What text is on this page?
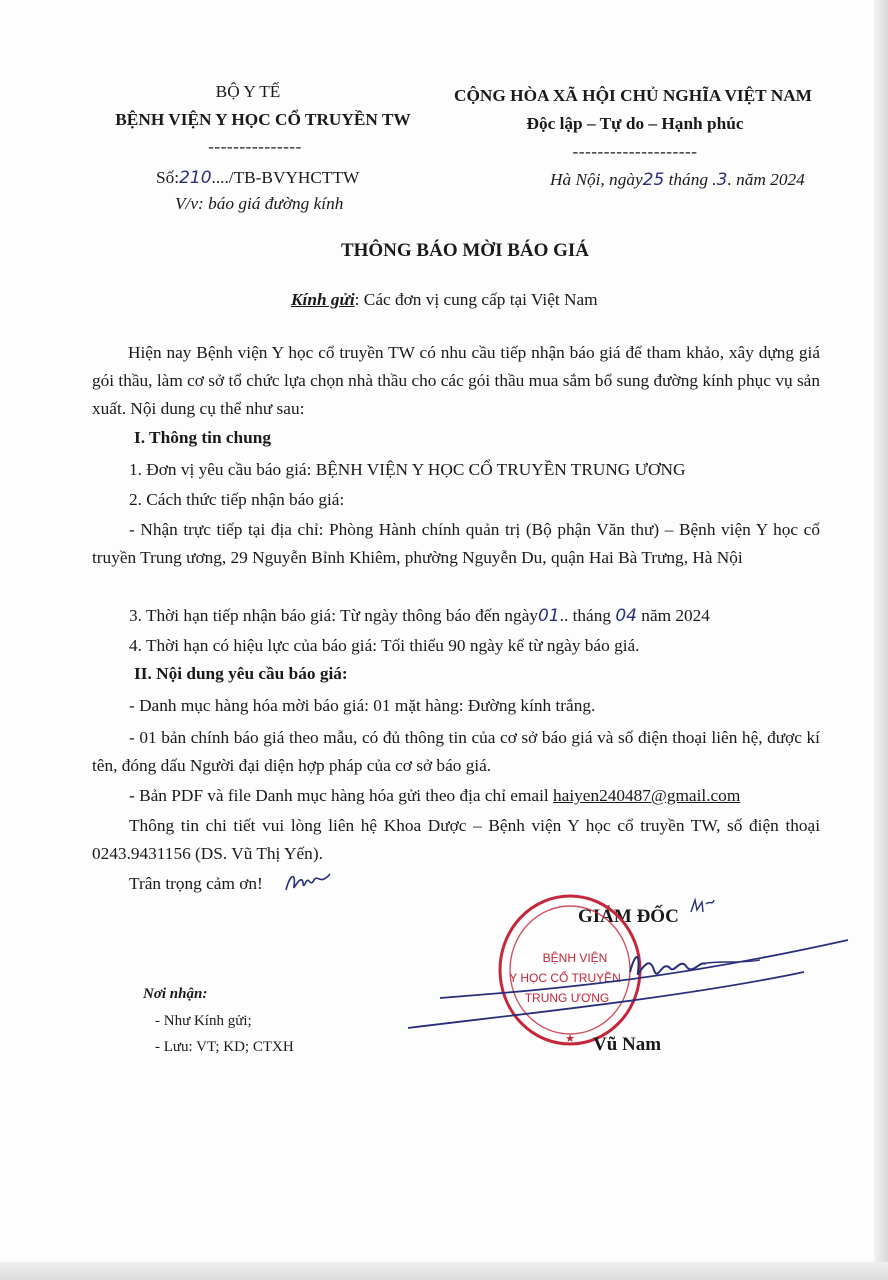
BỘ Y TẾ
BỆNH VIỆN Y HỌC CỔ TRUYỀN TW
---------------
Số:210..../TB-BVYHCTTW
V/v: báo giá đường kính
CỘNG HÒA XÃ HỘI CHỦ NGHĨA VIỆT NAM
Độc lập – Tự do – Hạnh phúc
--------------------
Hà Nội, ngày25 tháng .3. năm 2024
THÔNG BÁO MỜI BÁO GIÁ
Kính gửi: Các đơn vị cung cấp tại Việt Nam
Hiện nay Bệnh viện Y học cổ truyền TW có nhu cầu tiếp nhận báo giá để tham khảo, xây dựng giá gói thầu, làm cơ sở tổ chức lựa chọn nhà thầu cho các gói thầu mua sắm bổ sung đường kính phục vụ sản xuất. Nội dung cụ thể như sau:
I. Thông tin chung
1. Đơn vị yêu cầu báo giá: BỆNH VIỆN Y HỌC CỔ TRUYỀN TRUNG ƯƠNG
2. Cách thức tiếp nhận báo giá:
- Nhận trực tiếp tại địa chỉ: Phòng Hành chính quản trị (Bộ phận Văn thư) – Bệnh viện Y học cổ truyền Trung ương, 29 Nguyễn Bỉnh Khiêm, phường Nguyễn Du, quận Hai Bà Trưng, Hà Nội
3. Thời hạn tiếp nhận báo giá: Từ ngày thông báo đến ngày01.. tháng 04 năm 2024
4. Thời hạn có hiệu lực của báo giá: Tối thiểu 90 ngày kể từ ngày báo giá.
II. Nội dung yêu cầu báo giá:
- Danh mục hàng hóa mời báo giá: 01 mặt hàng: Đường kính trắng.
- 01 bản chính báo giá theo mẫu, có đủ thông tin của cơ sở báo giá và số điện thoại liên hệ, được kí tên, đóng dấu Người đại diện hợp pháp của cơ sở báo giá.
- Bản PDF và file Danh mục hàng hóa gửi theo địa chỉ email haiyen240487@gmail.com
Thông tin chi tiết vui lòng liên hệ Khoa Dược – Bệnh viện Y học cổ truyền TW, số điện thoại 0243.9431156 (DS. Vũ Thị Yến).
Trân trọng cảm ơn!
GIÁM ĐỐC
BỆNH VIỆN
Y HỌC CỔ TRUYỀN
TRUNG ƯƠNG
★ Vũ Nam
Nơi nhận:
- Như Kính gửi;
- Lưu: VT; KD; CTXH
